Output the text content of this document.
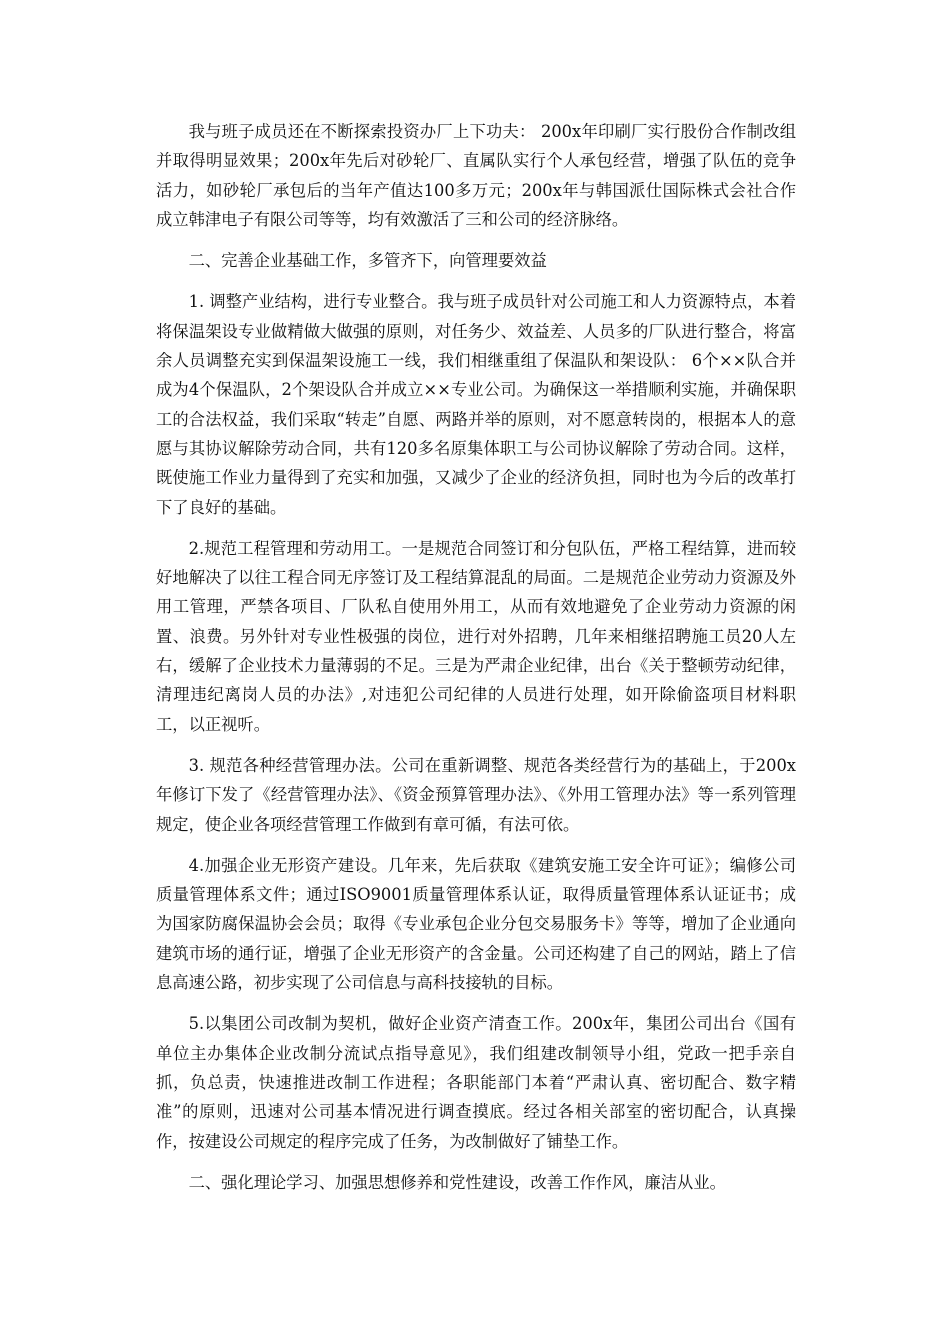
我与班子成员还在不断探索投资办厂上下功夫： 200x年印刷厂实行股份合作制改组并取得明显效果；200x年先后对砂轮厂、直属队实行个人承包经营，增强了队伍的竞争活力，如砂轮厂承包后的当年产值达100多万元；200x年与韩国派仕国际株式会社合作成立韩津电子有限公司等等，均有效激活了三和公司的经济脉络。

二、完善企业基础工作，多管齐下，向管理要效益

1. 调整产业结构，进行专业整合。我与班子成员针对公司施工和人力资源特点，本着将保温架设专业做精做大做强的原则，对任务少、效益差、人员多的厂队进行整合，将富余人员调整充实到保温架设施工一线，我们相继重组了保温队和架设队： 6个××队合并成为4个保温队，2个架设队合并成立××专业公司。为确保这一举措顺利实施，并确保职工的合法权益，我们采取“转走”自愿、两路并举的原则，对不愿意转岗的，根据本人的意愿与其协议解除劳动合同，共有120多名原集体职工与公司协议解除了劳动合同。这样，既使施工作业力量得到了充实和加强，又减少了企业的经济负担，同时也为今后的改革打下了良好的基础。

2.规范工程管理和劳动用工。一是规范合同签订和分包队伍，严格工程结算，进而较好地解决了以往工程合同无序签订及工程结算混乱的局面。二是规范企业劳动力资源及外用工管理，严禁各项目、厂队私自使用外用工，从而有效地避免了企业劳动力资源的闲置、浪费。另外针对专业性极强的岗位，进行对外招聘，几年来相继招聘施工员20人左右，缓解了企业技术力量薄弱的不足。三是为严肃企业纪律，出台《关于整顿劳动纪律，清理违纪离岗人员的办法》,对违犯公司纪律的人员进行处理，如开除偷盗项目材料职工，以正视听。

3. 规范各种经营管理办法。公司在重新调整、规范各类经营行为的基础上，于200x年修订下发了《经营管理办法》、《资金预算管理办法》、《外用工管理办法》等一系列管理规定，使企业各项经营管理工作做到有章可循，有法可依。

4.加强企业无形资产建设。几年来，先后获取《建筑安施工安全许可证》；编修公司质量管理体系文件；通过ISO9001质量管理体系认证，取得质量管理体系认证证书；成为国家防腐保温协会会员；取得《专业承包企业分包交易服务卡》等等，增加了企业通向建筑市场的通行证，增强了企业无形资产的含金量。公司还构建了自己的网站，踏上了信息高速公路，初步实现了公司信息与高科技接轨的目标。

5.以集团公司改制为契机，做好企业资产清查工作。200x年，集团公司出台《国有单位主办集体企业改制分流试点指导意见》，我们组建改制领导小组，党政一把手亲自抓，负总责，快速推进改制工作进程；各职能部门本着“严肃认真、密切配合、数字精准”的原则，迅速对公司基本情况进行调查摸底。经过各相关部室的密切配合，认真操作，按建设公司规定的程序完成了任务，为改制做好了铺垫工作。

二、强化理论学习、加强思想修养和党性建设，改善工作作风，廉洁从业。
